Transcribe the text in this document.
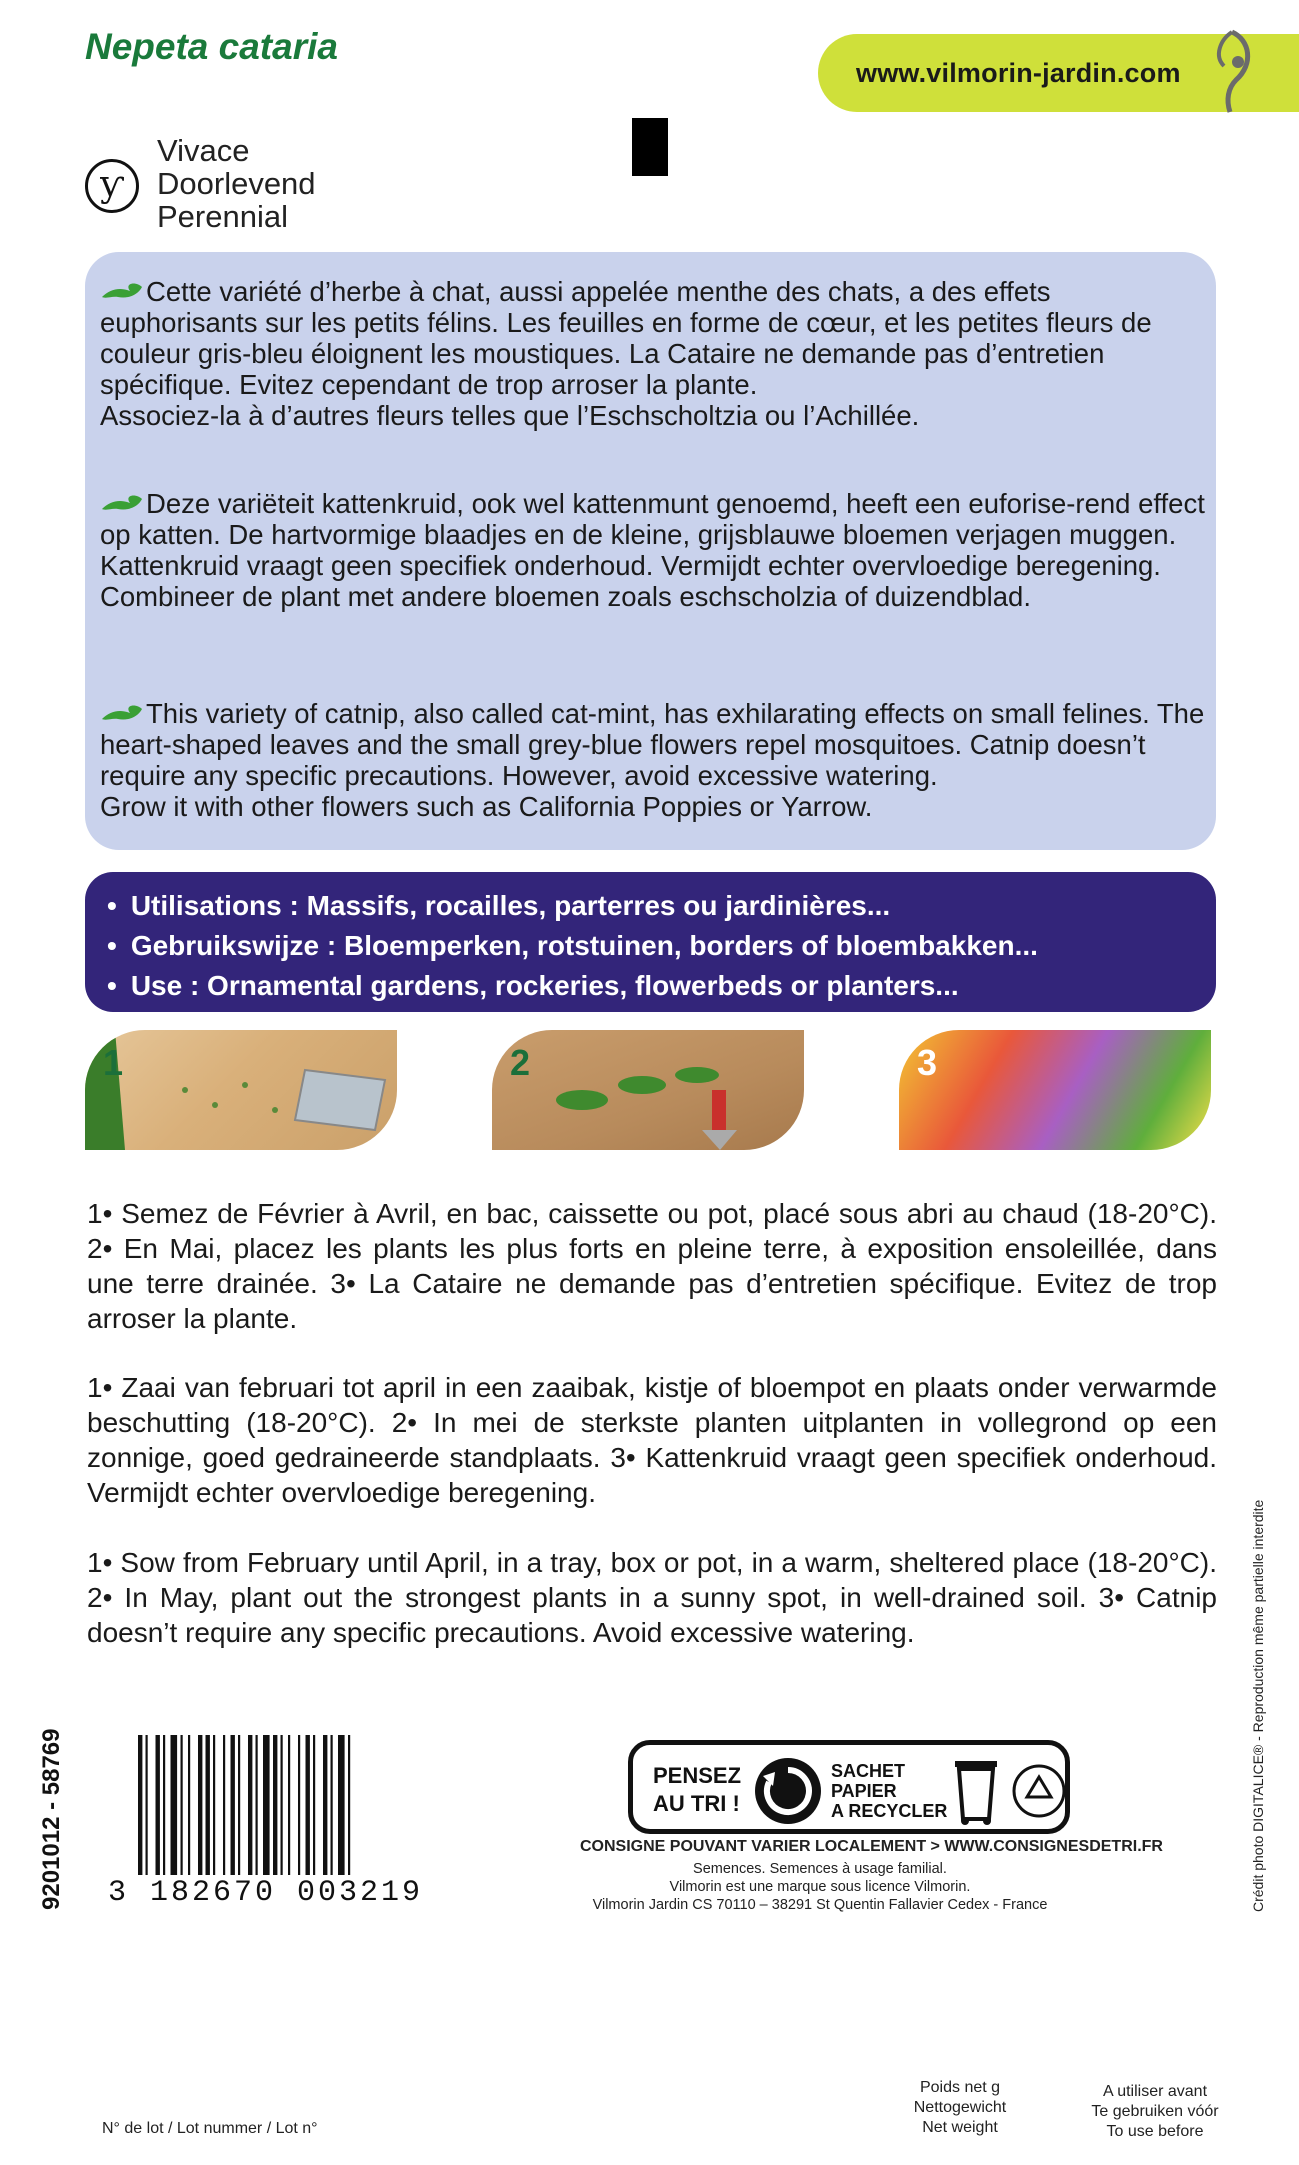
Nepeta cataria
www.vilmorin-jardin.com
ƴ
Vivace
Doorlevend
Perennial
Cette variété d’herbe à chat, aussi appelée menthe des chats, a des effets euphorisants sur les petits félins. Les feuilles en forme de cœur, et les petites fleurs de couleur gris-bleu éloignent les moustiques. La Cataire ne demande pas d’entretien spécifique. Evitez cependant de trop arroser la plante.
Associez-la à d’autres fleurs telles que l’Eschscholtzia ou l’Achillée.
Deze variëteit kattenkruid, ook wel kattenmunt genoemd, heeft een euforise-rend effect op katten. De hartvormige blaadjes en de kleine, grijsblauwe bloemen verjagen muggen. Kattenkruid vraagt geen specifiek onderhoud. Vermijdt echter overvloedige beregening.
Combineer de plant met andere bloemen zoals eschscholzia of duizendblad.
This variety of catnip, also called cat-mint, has exhilarating effects on small felines. The heart-shaped leaves and the small grey-blue flowers repel mosquitoes. Catnip doesn’t require any specific precautions. However, avoid excessive watering.
Grow it with other flowers such as California Poppies or Yarrow.
• Utilisations : Massifs, rocailles, parterres ou jardinières...
• Gebruikswijze : Bloemperken, rotstuinen, borders of bloembakken...
• Use : Ornamental gardens, rockeries, flowerbeds or planters...
1	2	3
1• Semez de Février à Avril, en bac, caissette ou pot, placé sous abri au chaud (18-20°C). 2• En Mai, placez les plants les plus forts en pleine terre, à exposition ensoleillée, dans une terre drainée. 3• La Cataire ne demande pas d’entretien spécifique. Evitez de trop arroser la plante.
1• Zaai van februari tot april in een zaaibak, kistje of bloempot en plaats onder verwarmde beschutting (18-20°C). 2• In mei de sterkste planten uitplanten in vollegrond op een zonnige, goed gedraineerde standplaats. 3• Kattenkruid vraagt geen specifiek onderhoud. Vermijdt echter overvloedige beregening.
1• Sow from February until April, in a tray, box or pot, in a warm, sheltered place (18-20°C). 2• In May, plant out the strongest plants in a sunny spot, in well-drained soil. 3• Catnip doesn’t require any specific precautions. Avoid excessive watering.
9201012 - 58769 3 182670 003219
PENSEZ
AU TRI !
SACHET
PAPIER
A RECYCLER
CONSIGNE POUVANT VARIER LOCALEMENT > WWW.CONSIGNESDETRI.FR
Semences. Semences à usage familial.
Vilmorin est une marque sous licence Vilmorin.
Vilmorin Jardin CS 70110 – 38291 St Quentin Fallavier Cedex - France	Crédit photo DIGITALICE® - Reproduction même partielle interdite
N° de lot / Lot nummer / Lot n°
Poids net g
Nettogewicht
Net weight
A utiliser avant
Te gebruiken vóór
To use before
